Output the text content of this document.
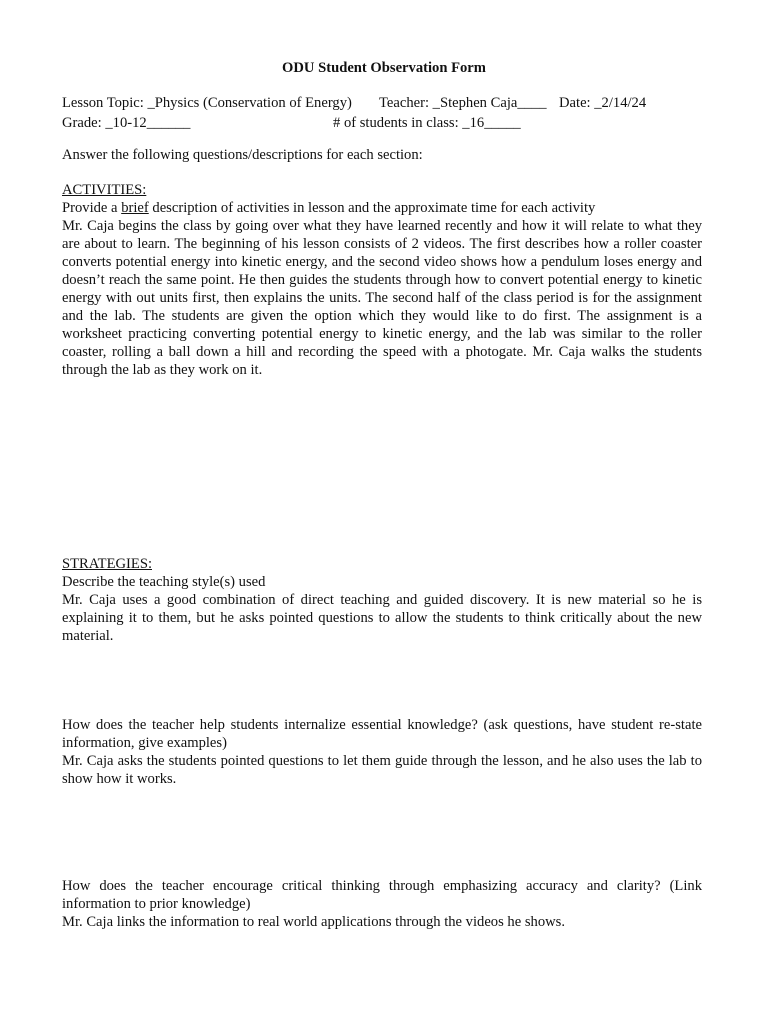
ODU Student Observation Form
Lesson Topic: _Physics (Conservation of Energy) Teacher: _Stephen Caja____ Date: _2/14/24
Grade: _10-12______	# of students in class: _16_____
Answer the following questions/descriptions for each section:
ACTIVITIES:
Provide a brief description of activities in lesson and the approximate time for each activity
Mr. Caja begins the class by going over what they have learned recently and how it will relate to what they are about to learn. The beginning of his lesson consists of 2 videos. The first describes how a roller coaster converts potential energy into kinetic energy, and the second video shows how a pendulum loses energy and doesn’t reach the same point. He then guides the students through how to convert potential energy to kinetic energy with out units first, then explains the units. The second half of the class period is for the assignment and the lab. The students are given the option which they would like to do first. The assignment is a worksheet practicing converting potential energy to kinetic energy, and the lab was similar to the roller coaster, rolling a ball down a hill and recording the speed with a photogate. Mr. Caja walks the students through the lab as they work on it.
STRATEGIES:
Describe the teaching style(s) used
Mr. Caja uses a good combination of direct teaching and guided discovery. It is new material so he is explaining it to them, but he asks pointed questions to allow the students to think critically about the new material.
How does the teacher help students internalize essential knowledge? (ask questions, have student re-state information, give examples)
Mr. Caja asks the students pointed questions to let them guide through the lesson, and he also uses the lab to show how it works.
How does the teacher encourage critical thinking through emphasizing accuracy and clarity? (Link information to prior knowledge)
Mr. Caja links the information to real world applications through the videos he shows.
